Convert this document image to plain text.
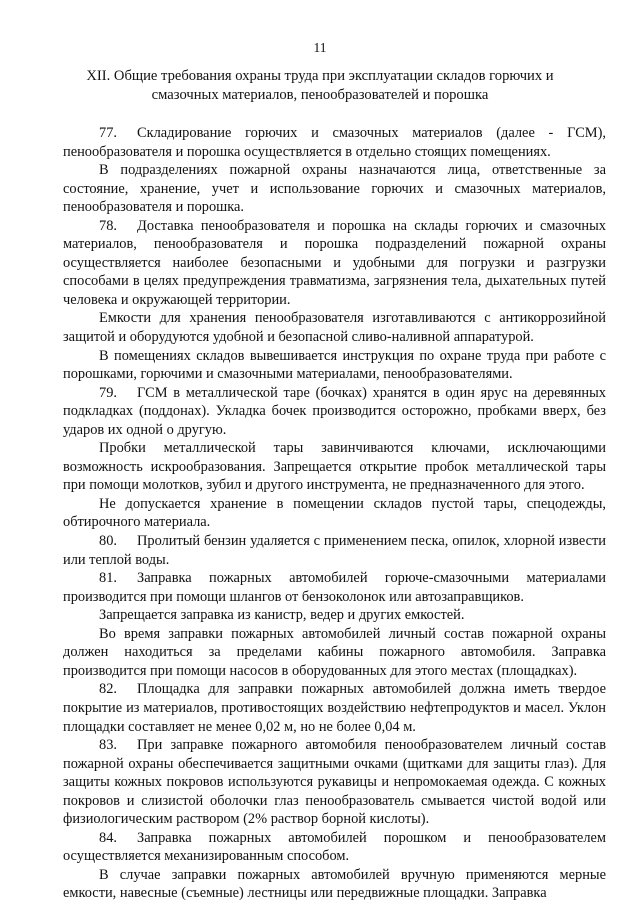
11
XII. Общие требования охраны труда при эксплуатации складов горючих и
смазочных материалов, пенообразователей и порошка

77. Складирование горючих и смазочных материалов (далее - ГСМ), пенообразователя и порошка осуществляется в отдельно стоящих помещениях.

В подразделениях пожарной охраны назначаются лица, ответственные за состояние, хранение, учет и использование горючих и смазочных материалов, пенообразователя и порошка.

78. Доставка пенообразователя и порошка на склады горючих и смазочных материалов, пенообразователя и порошка подразделений пожарной охраны осуществляется наиболее безопасными и удобными для погрузки и разгрузки способами в целях предупреждения травматизма, загрязнения тела, дыхательных путей человека и окружающей территории.

Емкости для хранения пенообразователя изготавливаются с антикоррозийной защитой и оборудуются удобной и безопасной сливо-наливной аппаратурой.

В помещениях складов вывешивается инструкция по охране труда при работе с порошками, горючими и смазочными материалами, пенообразователями.

79. ГСМ в металлической таре (бочках) хранятся в один ярус на деревянных подкладках (поддонах). Укладка бочек производится осторожно, пробками вверх, без ударов их одной о другую.

Пробки металлической тары завинчиваются ключами, исключающими возможность искрообразования. Запрещается открытие пробок металлической тары при помощи молотков, зубил и другого инструмента, не предназначенного для этого.

Не допускается хранение в помещении складов пустой тары, спецодежды, обтирочного материала.

80. Пролитый бензин удаляется с применением песка, опилок, хлорной извести или теплой воды.

81. Заправка пожарных автомобилей горюче-смазочными материалами производится при помощи шлангов от бензоколонок или автозаправщиков.

Запрещается заправка из канистр, ведер и других емкостей.

Во время заправки пожарных автомобилей личный состав пожарной охраны должен находиться за пределами кабины пожарного автомобиля. Заправка производится при помощи насосов в оборудованных для этого местах (площадках).

82. Площадка для заправки пожарных автомобилей должна иметь твердое покрытие из материалов, противостоящих воздействию нефтепродуктов и масел. Уклон площадки составляет не менее 0,02 м, но не более 0,04 м.

83. При заправке пожарного автомобиля пенообразователем личный состав пожарной охраны обеспечивается защитными очками (щитками для защиты глаз). Для защиты кожных покровов используются рукавицы и непромокаемая одежда. С кожных покровов и слизистой оболочки глаз пенообразователь смывается чистой водой или физиологическим раствором (2% раствор борной кислоты).

84. Заправка пожарных автомобилей порошком и пенообразователем осуществляется механизированным способом.

В случае заправки пожарных автомобилей вручную применяются мерные емкости, навесные (съемные) лестницы или передвижные площадки. Заправка
